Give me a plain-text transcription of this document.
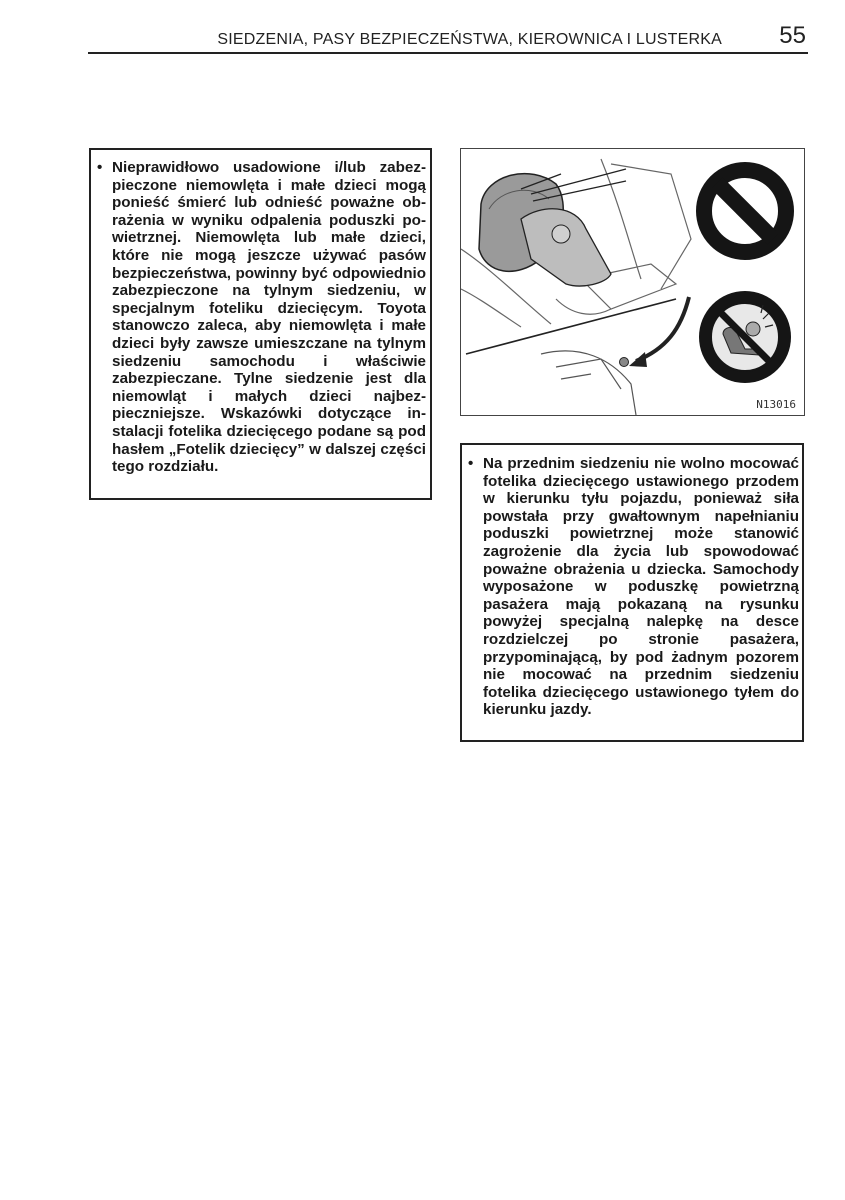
SIEDZENIA, PASY BEZPIECZEŃSTWA, KIEROWNICA I LUSTERKA 55
• Nieprawidłowo usadowione i/lub zabezpieczone niemowlęta i małe dzieci mogą ponieść śmierć lub odnieść poważne obrażenia w wyniku odpalenia poduszki powietrznej. Niemowlęta lub małe dzieci, które nie mogą jeszcze używać pasów bezpieczeństwa, powinny być odpowiednio zabezpieczone na tylnym siedzeniu, w specjalnym foteliku dziecięcym. Toyota stanowczo zaleca, aby niemowlęta i małe dzieci były zawsze umieszczane na tylnym siedzeniu samochodu i właściwie zabezpieczane. Tylne siedzenie jest dla niemowląt i małych dzieci najbezpieczniejsze. Wskazówki dotyczące instalacji fotelika dziecięcego podane są pod hasłem „Fotelik dziecięcy” w dalszej części tego rozdziału.
N13016
• Na przednim siedzeniu nie wolno mocować fotelika dziecięcego ustawionego przodem w kierunku tyłu pojazdu, ponieważ siła powstała przy gwałtownym napełnianiu poduszki powietrznej może stanowić zagrożenie dla życia lub spowodować poważne obrażenia u dziecka. Samochody wyposażone w poduszkę powietrzną pasażera mają pokazaną na rysunku powyżej specjalną nalepkę na desce rozdzielczej po stronie pasażera, przypominającą, by pod żadnym pozorem nie mocować na przednim siedzeniu fotelika dziecięcego ustawionego tyłem do kierunku jazdy.
